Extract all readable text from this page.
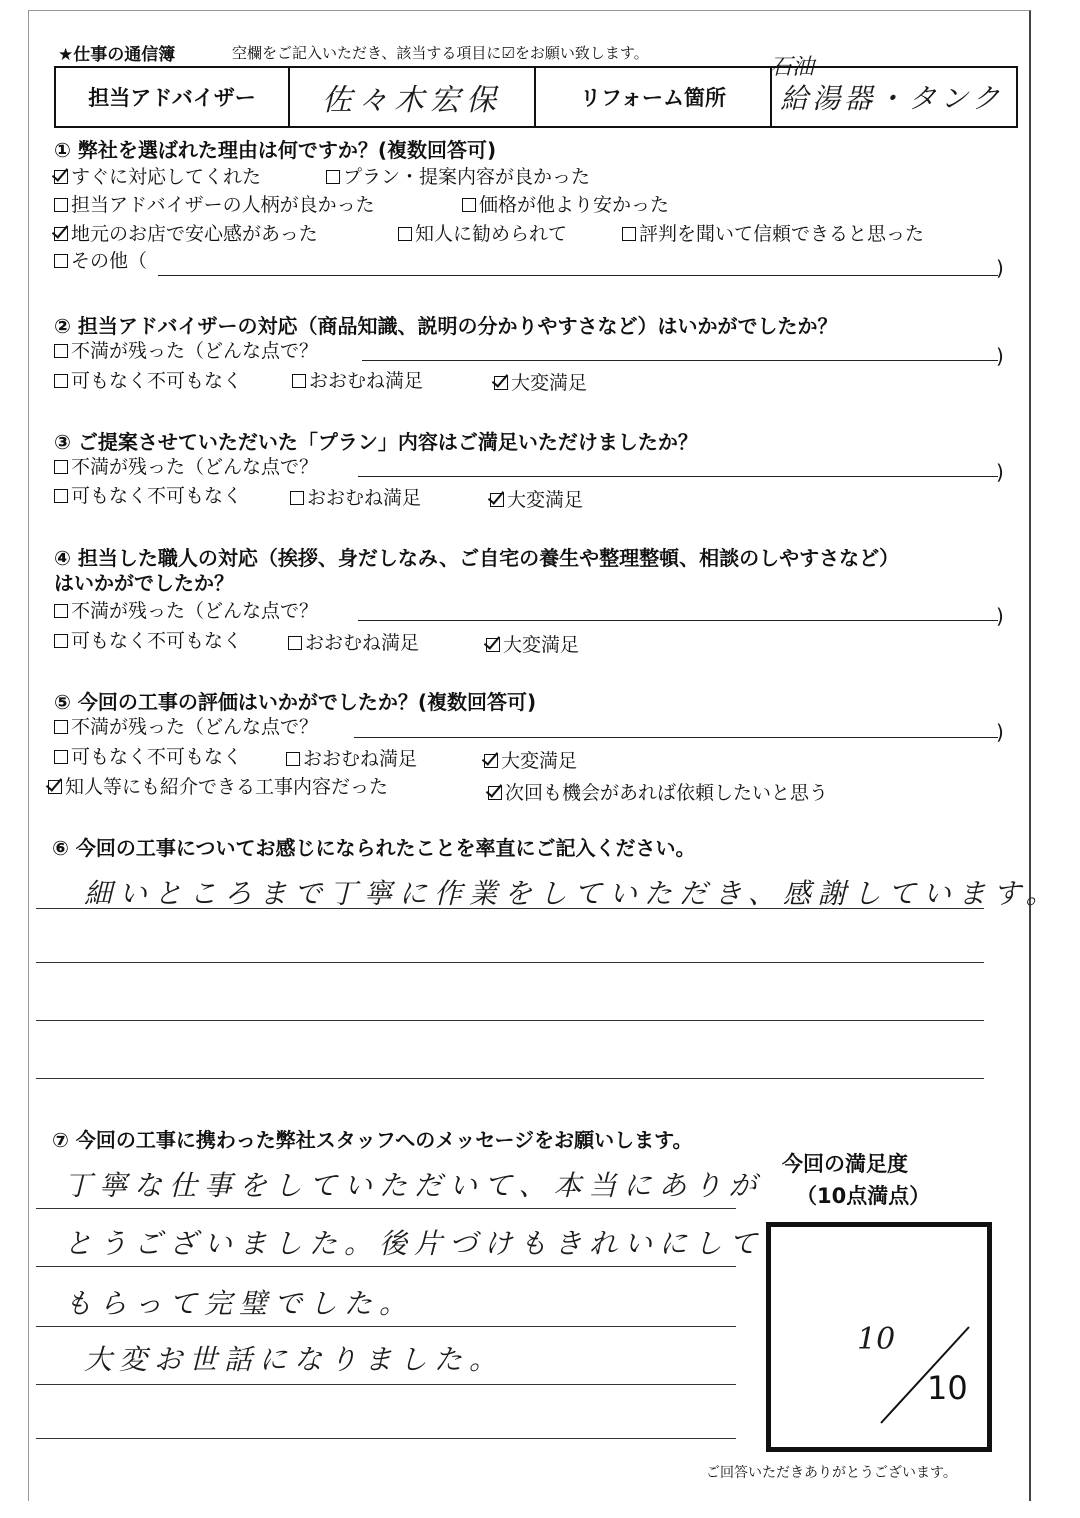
★仕事の通信簿	空欄をご記入いただき、該当する項目に☑をお願い致します。
石油
担当アドバイザー 佐々木宏保	リフォーム箇所 給湯器・タンク
① 弊社を選ばれた理由は何ですか？(複数回答可)
すぐに対応してくれた	プラン・提案内容が良かった
担当アドバイザーの人柄が良かった	価格が他より安かった
地元のお店で安心感があった	知人に勧められて	評判を聞いて信頼できると思った
その他（	)
② 担当アドバイザーの対応（商品知識、説明の分かりやすさなど）はいかがでしたか？
不満が残った（どんな点で？	)
可もなく不可もなく	おおむね満足	大変満足
③ ご提案させていただいた「プラン」内容はご満足いただけましたか？
不満が残った（どんな点で？	)
可もなく不可もなく	おおむね満足	大変満足
④ 担当した職人の対応（挨拶、身だしなみ、ご自宅の養生や整理整頓、相談のしやすさなど）
はいかがでしたか？
不満が残った（どんな点で？	)
可もなく不可もなく	おおむね満足	大変満足
⑤ 今回の工事の評価はいかがでしたか？(複数回答可)
不満が残った（どんな点で？	)
可もなく不可もなく	おおむね満足	大変満足
知人等にも紹介できる工事内容だった	次回も機会があれば依頼したいと思う
⑥ 今回の工事についてお感じになられたことを率直にご記入ください。
細いところまで丁寧に作業をしていただき、感謝しています。
⑦ 今回の工事に携わった弊社スタッフへのメッセージをお願いします。
丁寧な仕事をしていただいて、本当にありが
とうございました。後片づけもきれいにして
もらって完璧でした。
大変お世話になりました。
今回の満足度
（10点満点）
10
10
ご回答いただきありがとうございます。
